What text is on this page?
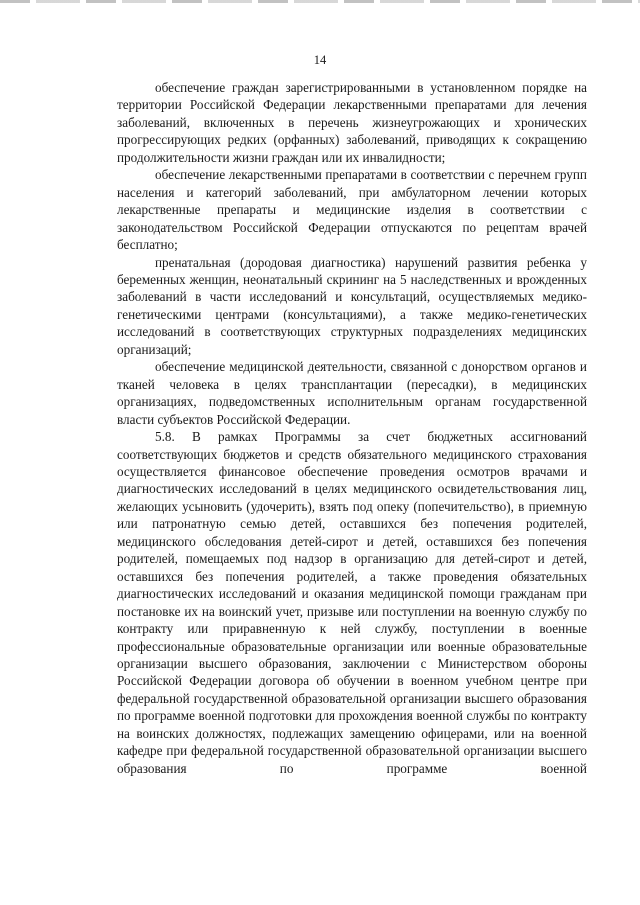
14

обеспечение граждан зарегистрированными в установленном порядке на территории Российской Федерации лекарственными препаратами для лечения заболеваний, включенных в перечень жизнеугрожающих и хронических прогрессирующих редких (орфанных) заболеваний, приводящих к сокращению продолжительности жизни граждан или их инвалидности;

обеспечение лекарственными препаратами в соответствии с перечнем групп населения и категорий заболеваний, при амбулаторном лечении которых лекарственные препараты и медицинские изделия в соответствии с законодательством Российской Федерации отпускаются по рецептам врачей бесплатно;

пренатальная (дородовая диагностика) нарушений развития ребенка у беременных женщин, неонатальный скрининг на 5 наследственных и врожденных заболеваний в части исследований и консультаций, осуществляемых медико-генетическими центрами (консультациями), а также медико-генетических исследований в соответствующих структурных подразделениях медицинских организаций;

обеспечение медицинской деятельности, связанной с донорством органов и тканей человека в целях трансплантации (пересадки), в медицинских организациях, подведомственных исполнительным органам государственной власти субъектов Российской Федерации.

5.8. В рамках Программы за счет бюджетных ассигнований соответствующих бюджетов и средств обязательного медицинского страхования осуществляется финансовое обеспечение проведения осмотров врачами и диагностических исследований в целях медицинского освидетельствования лиц, желающих усыновить (удочерить), взять под опеку (попечительство), в приемную или патронатную семью детей, оставшихся без попечения родителей, медицинского обследования детей-сирот и детей, оставшихся без попечения родителей, помещаемых под надзор в организацию для детей-сирот и детей, оставшихся без попечения родителей, а также проведения обязательных диагностических исследований и оказания медицинской помощи гражданам при постановке их на воинский учет, призыве или поступлении на военную службу по контракту или приравненную к ней службу, поступлении в военные профессиональные образовательные организации или военные образовательные организации высшего образования, заключении с Министерством обороны Российской Федерации договора об обучении в военном учебном центре при федеральной государственной образовательной организации высшего образования по программе военной подготовки для прохождения военной службы по контракту на воинских должностях, подлежащих замещению офицерами, или на военной кафедре при федеральной государственной образовательной организации высшего образования по программе военной
